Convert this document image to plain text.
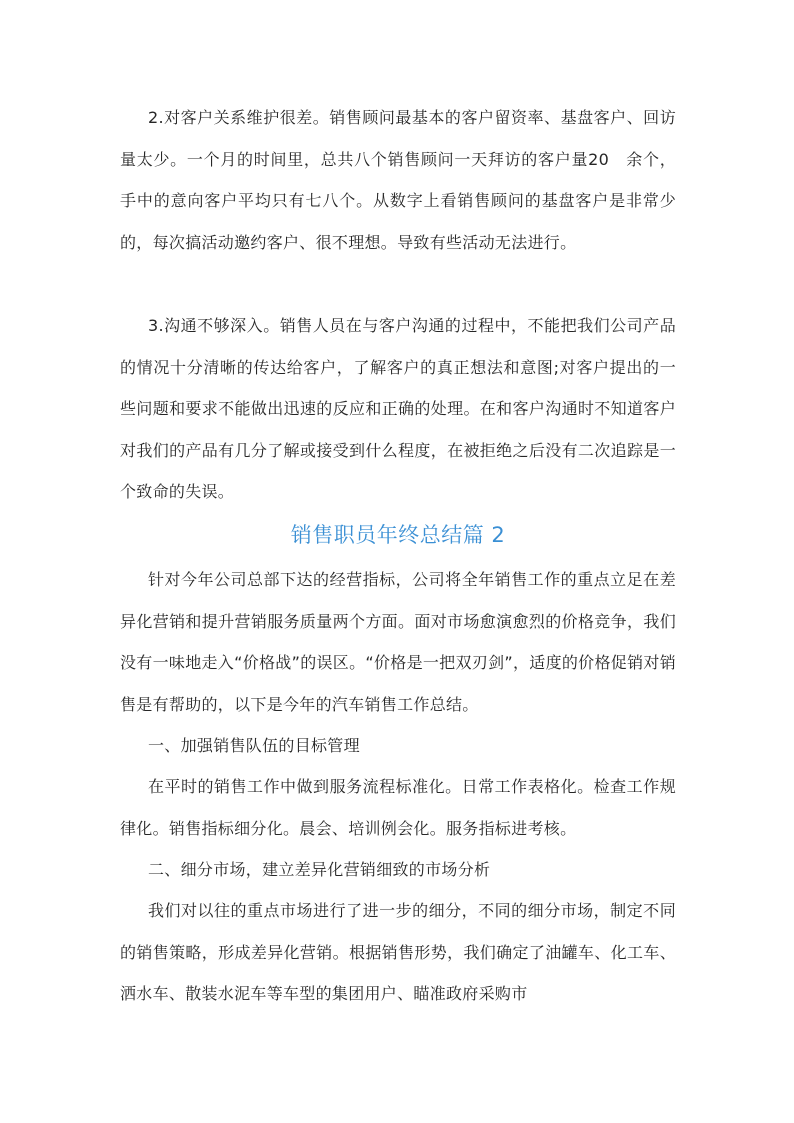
2.对客户关系维护很差。销售顾问最基本的客户留资率、基盘客户、回访量太少。一个月的时间里，总共八个销售顾问一天拜访的客户量20　余个，手中的意向客户平均只有七八个。从数字上看销售顾问的基盘客户是非常少的，每次搞活动邀约客户、很不理想。导致有些活动无法进行。

3.沟通不够深入。销售人员在与客户沟通的过程中，不能把我们公司产品的情况十分清晰的传达给客户，了解客户的真正想法和意图;对客户提出的一些问题和要求不能做出迅速的反应和正确的处理。在和客户沟通时不知道客户对我们的产品有几分了解或接受到什么程度，在被拒绝之后没有二次追踪是一个致命的失误。

销售职员年终总结篇 2

针对今年公司总部下达的经营指标，公司将全年销售工作的重点立足在差异化营销和提升营销服务质量两个方面。面对市场愈演愈烈的价格竞争，我们没有一味地走入“价格战”的误区。“价格是一把双刃剑”，适度的价格促销对销售是有帮助的，以下是今年的汽车销售工作总结。

一、加强销售队伍的目标管理

在平时的销售工作中做到服务流程标准化。日常工作表格化。检查工作规律化。销售指标细分化。晨会、培训例会化。服务指标进考核。

二、细分市场，建立差异化营销细致的市场分析

我们对以往的重点市场进行了进一步的细分，不同的细分市场，制定不同的销售策略，形成差异化营销。根据销售形势，我们确定了油罐车、化工车、洒水车、散装水泥车等车型的集团用户、瞄准政府采购市
